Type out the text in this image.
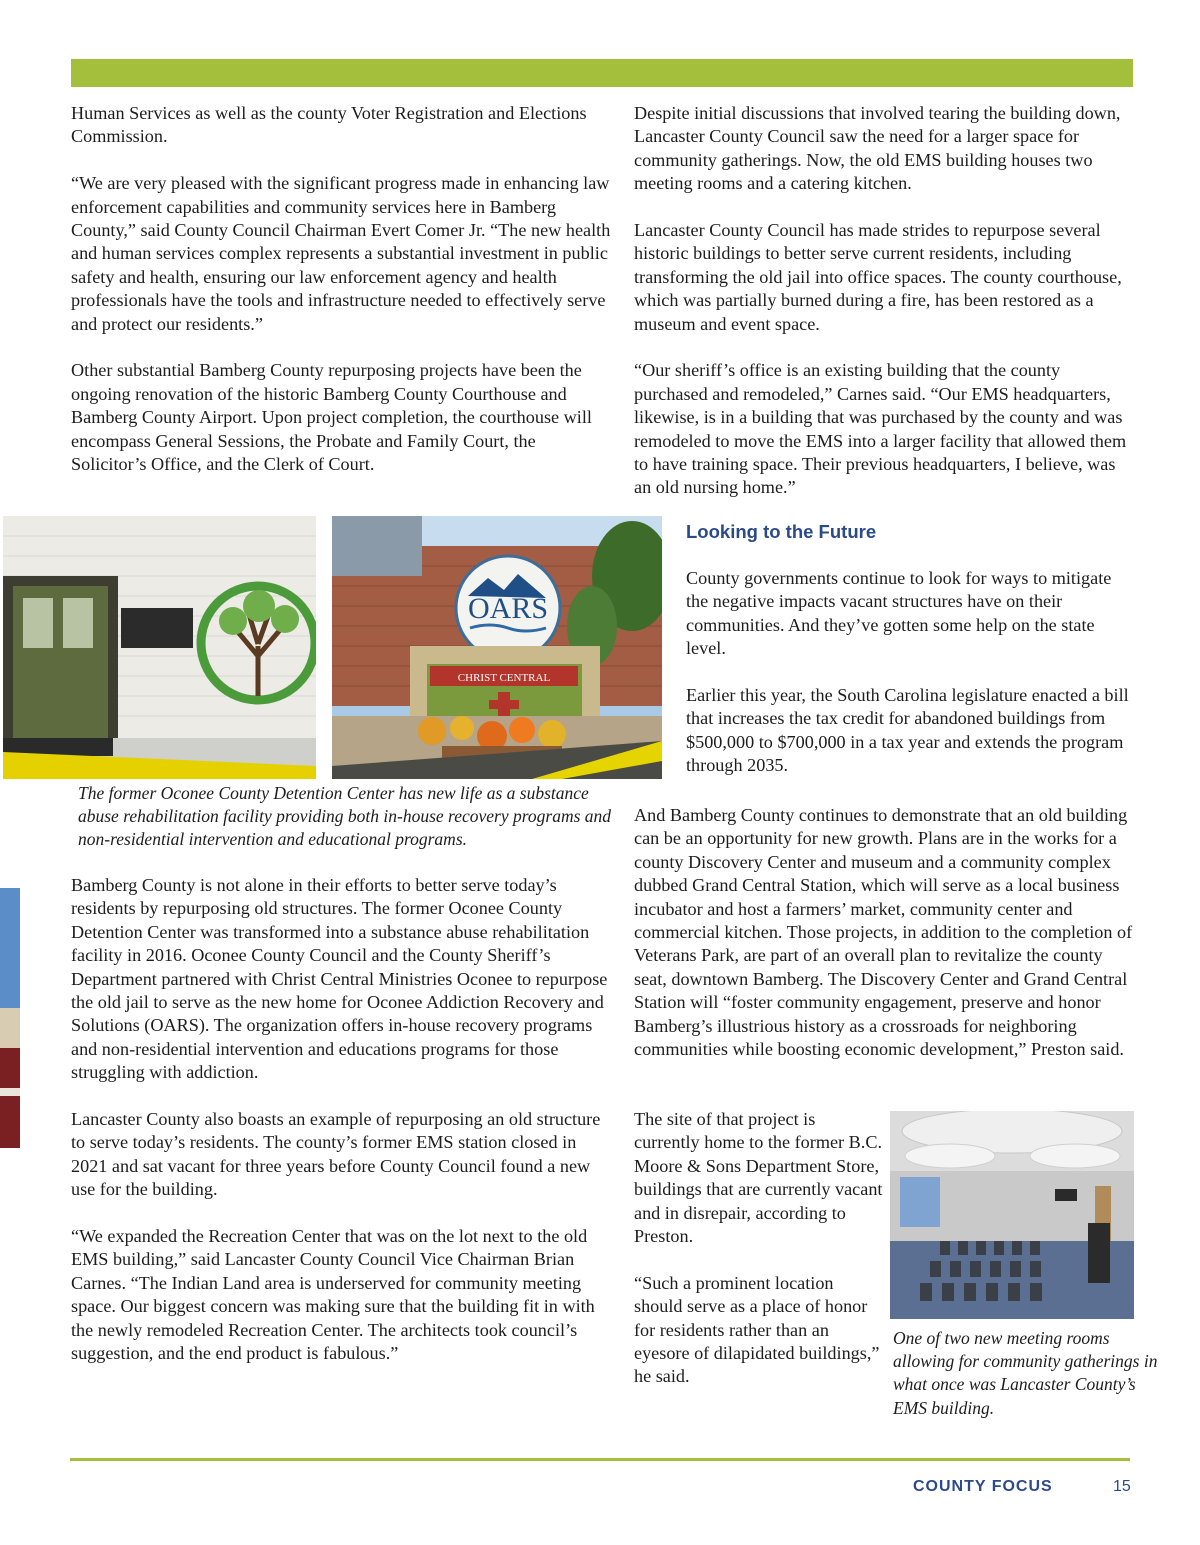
Human Services as well as the county Voter Registration and Elections Commission.

“We are very pleased with the significant progress made in enhancing law enforcement capabilities and community services here in Bamberg County,” said County Council Chairman Evert Comer Jr. “The new health and human services complex represents a substantial investment in public safety and health, ensuring our law enforcement agency and health professionals have the tools and infrastructure needed to effectively serve and protect our residents.”

Other substantial Bamberg County repurposing projects have been the ongoing renovation of the historic Bamberg County Courthouse and Bamberg County Airport. Upon project completion, the courthouse will encompass General Sessions, the Probate and Family Court, the Solicitor’s Office, and the Clerk of Court.

Despite initial discussions that involved tearing the building down, Lancaster County Council saw the need for a larger space for community gatherings. Now, the old EMS building houses two meeting rooms and a catering kitchen.

Lancaster County Council has made strides to repurpose several historic buildings to better serve current residents, including transforming the old jail into office spaces. The county courthouse, which was partially burned during a fire, has been restored as a museum and event space.

“Our sheriff’s office is an existing building that the county purchased and remodeled,” Carnes said. “Our EMS headquarters, likewise, is in a building that was purchased by the county and was remodeled to move the EMS into a larger facility that allowed them to have training space. Their previous headquarters, I believe, was an old nursing home.”

OARS
CHRIST CENTRAL
Looking to the Future

County governments continue to look for ways to mitigate the negative impacts vacant structures have on their communities. And they’ve gotten some help on the state level.

Earlier this year, the South Carolina legislature enacted a bill that increases the tax credit for abandoned buildings from $500,000 to $700,000 in a tax year and extends the program through 2035.

The former Oconee County Detention Center has new life as a substance abuse rehabilitation facility providing both in-house recovery programs and non-residential intervention and educational programs.

Bamberg County is not alone in their efforts to better serve today’s residents by repurposing old structures. The former Oconee County Detention Center was transformed into a substance abuse rehabilitation facility in 2016. Oconee County Council and the County Sheriff’s Department partnered with Christ Central Ministries Oconee to repurpose the old jail to serve as the new home for Oconee Addiction Recovery and Solutions (OARS). The organization offers in-house recovery programs and non-residential intervention and educations programs for those struggling with addiction.

Lancaster County also boasts an example of repurposing an old structure to serve today’s residents. The county’s former EMS station closed in 2021 and sat vacant for three years before County Council found a new use for the building.

“We expanded the Recreation Center that was on the lot next to the old EMS building,” said Lancaster County Council Vice Chairman Brian Carnes. “The Indian Land area is underserved for community meeting space. Our biggest concern was making sure that the building fit in with the newly remodeled Recreation Center. The architects took council’s suggestion, and the end product is fabulous.”

And Bamberg County continues to demonstrate that an old building can be an opportunity for new growth. Plans are in the works for a county Discovery Center and museum and a community complex dubbed Grand Central Station, which will serve as a local business incubator and host a farmers’ market, community center and commercial kitchen. Those projects, in addition to the completion of Veterans Park, are part of an overall plan to revitalize the county seat, downtown Bamberg. The Discovery Center and Grand Central Station will “foster community engagement, preserve and honor Bamberg’s illustrious history as a crossroads for neighboring communities while boosting economic development,” Preston said.

The site of that project is currently home to the former B.C. Moore & Sons Department Store, buildings that are currently vacant and in disrepair, according to Preston.

“Such a prominent location should serve as a place of honor for residents rather than an eyesore of dilapidated buildings,” he said.

One of two new meeting rooms allowing for community gatherings in what once was Lancaster County’s EMS building.
COUNTY FOCUS	15
